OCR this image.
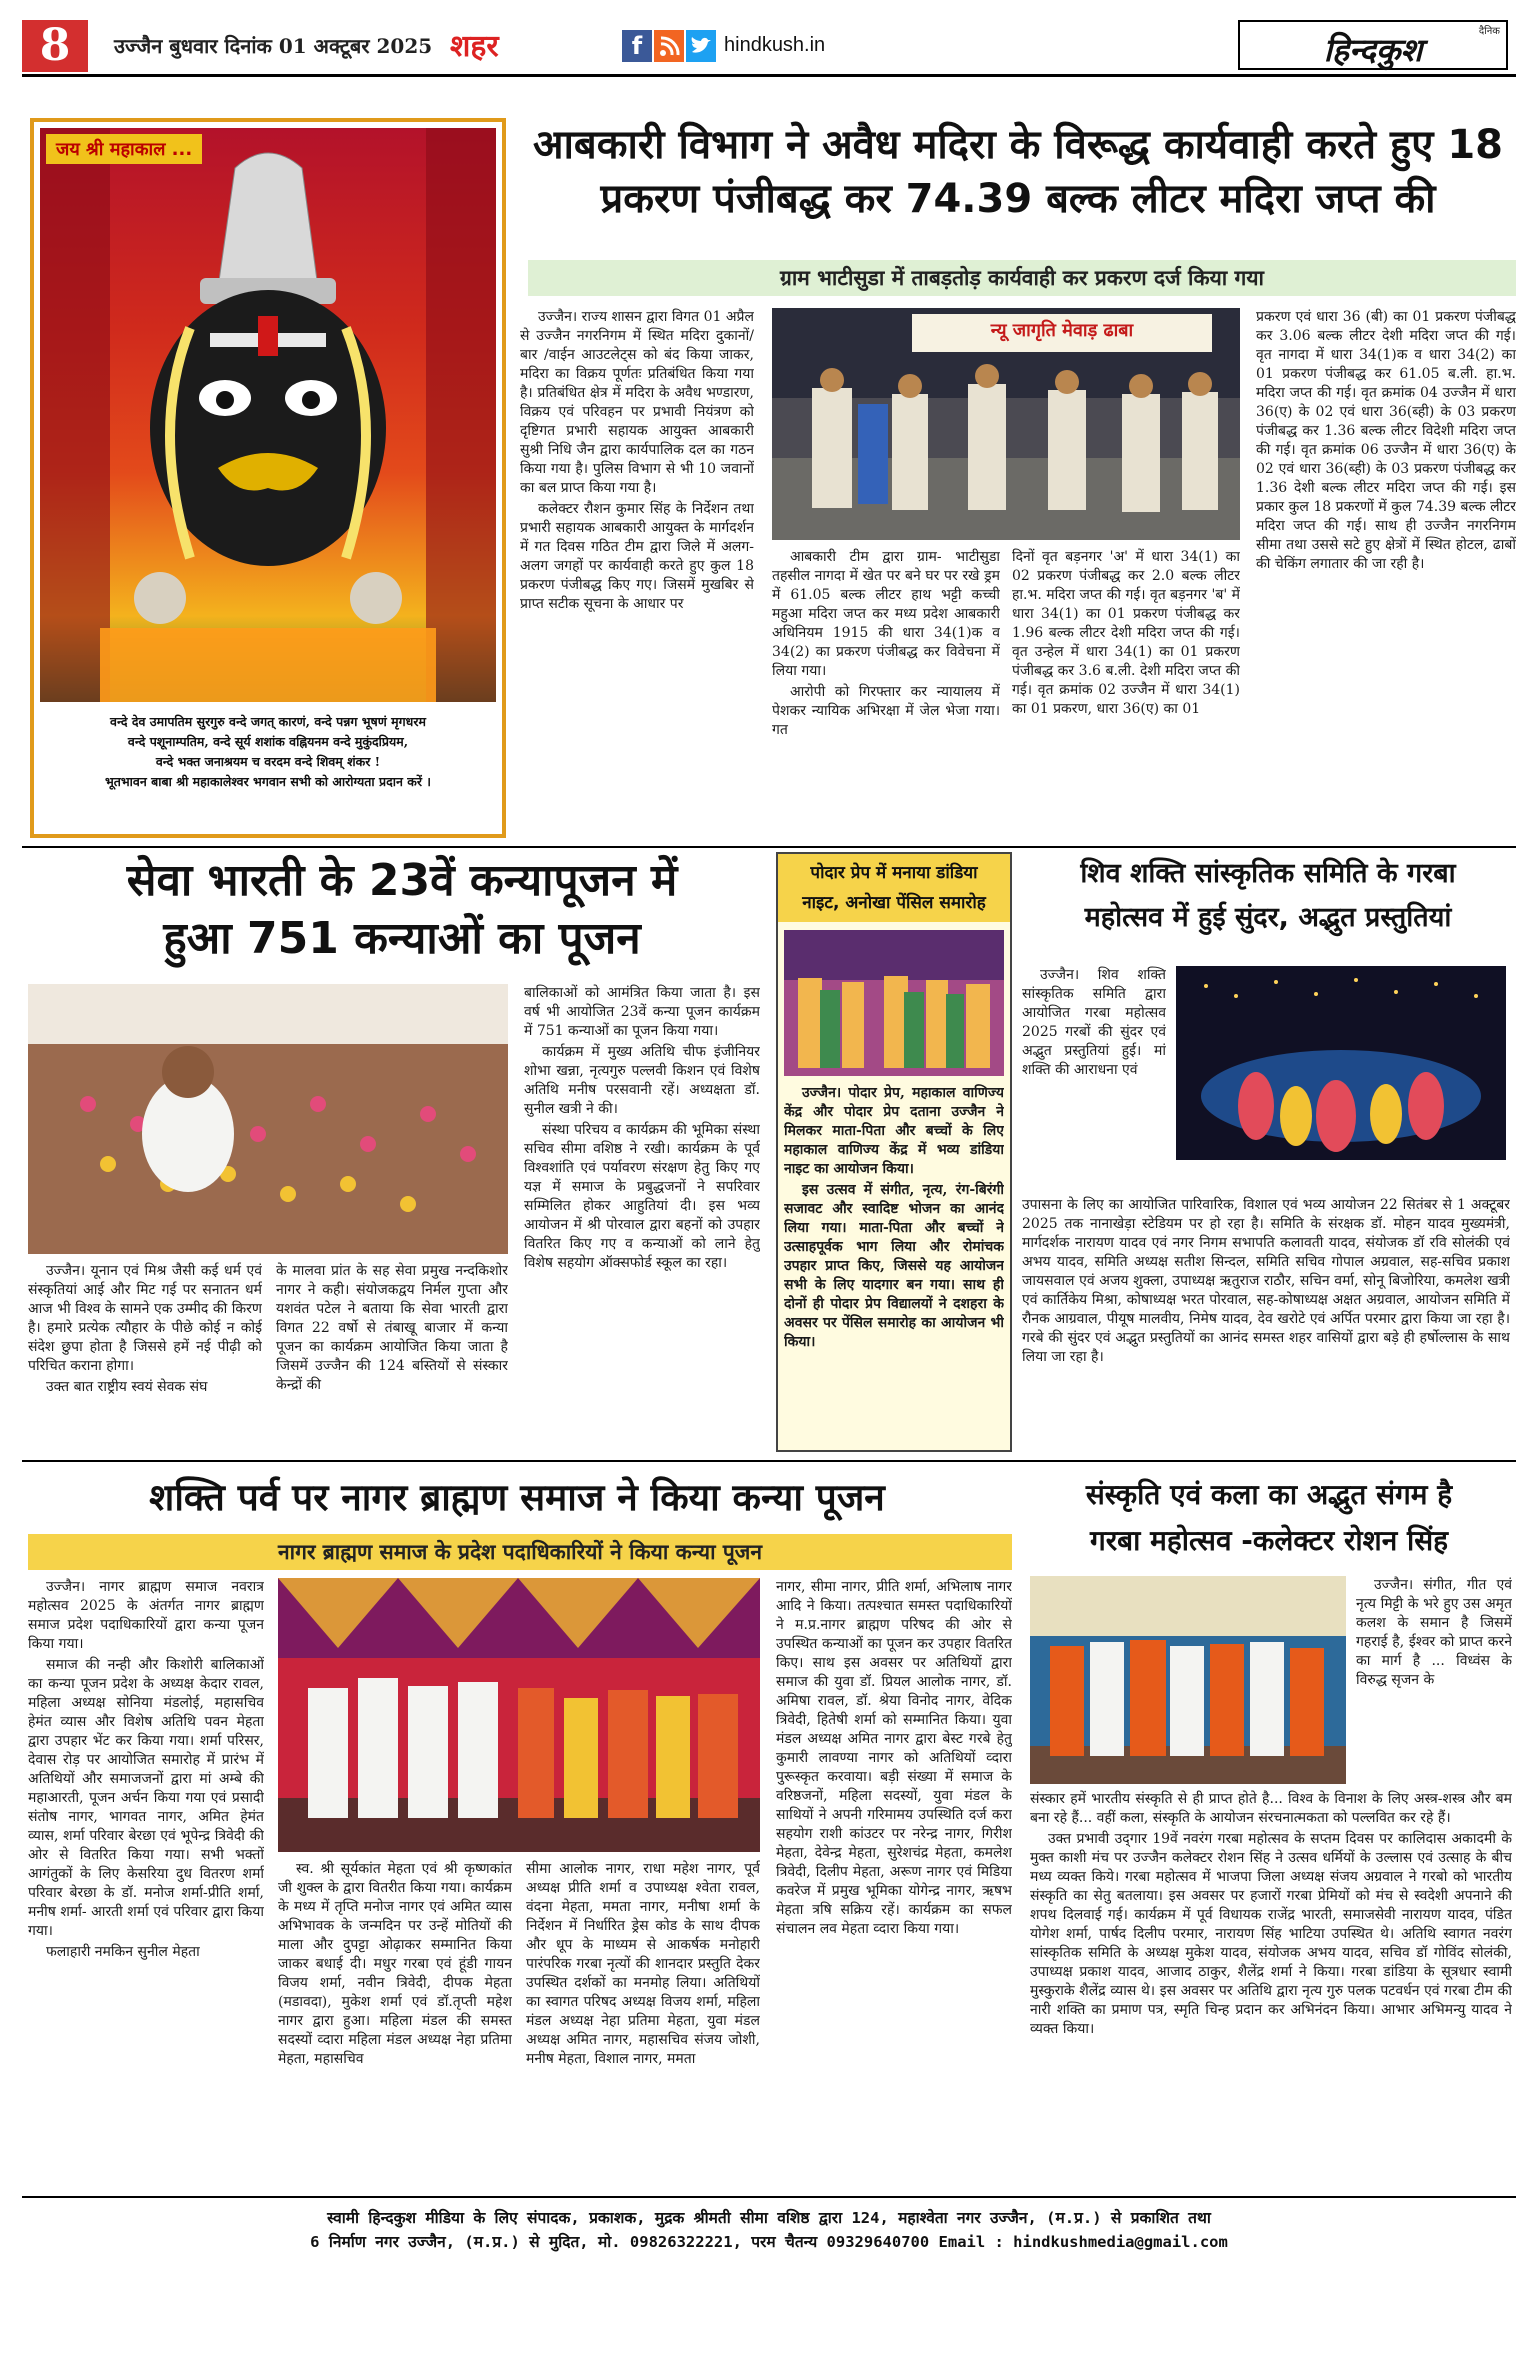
8	उज्जैन बुधवार दिनांक 01 अक्टूबर 2025 शहर	f	hindkush.in
दैनिक
हिन्दकुश
जय श्री महाकाल ...
वन्दे देव उमापतिम सुरगुरु वन्दे जगत् कारणं, वन्दे पन्नग भूषणं मृगधरम
वन्दे पशूनाम्पतिम, वन्दे सूर्य शशांक वह्नियनम वन्दे मुकुंदप्रियम,
वन्दे भक्त जनाश्रयम च वरदम वन्दे शिवम् शंकर !
भूतभावन बाबा श्री महाकालेश्वर भगवान सभी को आरोग्यता प्रदान करें ।
आबकारी विभाग ने अवैध मदिरा के विरूद्ध कार्यवाही करते हुए 18
प्रकरण पंजीबद्ध कर 74.39 बल्क लीटर मदिरा जप्त की
ग्राम भाटीसुडा में ताबड़तोड़ कार्यवाही कर प्रकरण दर्ज किया गया

उज्जैन। राज्य शासन द्वारा विगत 01 अप्रैल से उज्जैन नगरनिगम में स्थित मदिरा दुकानों/बार /वाईन आउटलेट्स को बंद किया जाकर, मदिरा का विक्रय पूर्णतः प्रतिबंधित किया गया है। प्रतिबंधित क्षेत्र में मदिरा के अवैध भण्डारण, विक्रय एवं परिवहन पर प्रभावी नियंत्रण को दृष्टिगत प्रभारी सहायक आयुक्त आबकारी सुश्री निधि जैन द्वारा कार्यपालिक दल का गठन किया गया है। पुलिस विभाग से भी 10 जवानों का बल प्राप्त किया गया है।

कलेक्टर रौशन कुमार सिंह के निर्देशन तथा प्रभारी सहायक आबकारी आयुक्त के मार्गदर्शन में गत दिवस गठित टीम द्वारा जिले में अलग-अलग जगहों पर कार्यवाही करते हुए कुल 18 प्रकरण पंजीबद्ध किए गए। जिसमें मुखबिर से प्राप्त सटीक सूचना के आधार पर

न्यू जागृति मेवाड़ ढाबा

आबकारी टीम द्वारा ग्राम- भाटीसुडा तहसील नागदा में खेत पर बने घर पर रखे ड्रम में 61.05 बल्क लीटर हाथ भट्टी कच्ची महुआ मदिरा जप्त कर मध्य प्रदेश आबकारी अधिनियम 1915 की धारा 34(1)क व 34(2) का प्रकरण पंजीबद्ध कर विवेचना में लिया गया।

आरोपी को गिरफ्तार कर न्यायालय में पेशकर न्यायिक अभिरक्षा में जेल भेजा गया। गत

दिनों वृत बड़नगर 'अ' में धारा 34(1) का 02 प्रकरण पंजीबद्ध कर 2.0 बल्क लीटर हा.भ. मदिरा जप्त की गई। वृत बड़नगर 'ब' में धारा 34(1) का 01 प्रकरण पंजीबद्ध कर 1.96 बल्क लीटर देशी मदिरा जप्त की गई। वृत उन्हेल में धारा 34(1) का 01 प्रकरण पंजीबद्ध कर 3.6 ब.ली. देशी मदिरा जप्त की गई। वृत क्रमांक 02 उज्जैन में धारा 34(1) का 01 प्रकरण, धारा 36(ए) का 01

प्रकरण एवं धारा 36 (बी) का 01 प्रकरण पंजीबद्ध कर 3.06 बल्क लीटर देशी मदिरा जप्त की गई। वृत नागदा में धारा 34(1)क व धारा 34(2) का 01 प्रकरण पंजीबद्ध कर 61.05 ब.ली. हा.भ. मदिरा जप्त की गई। वृत क्रमांक 04 उज्जैन में धारा 36(ए) के 02 एवं धारा 36(ब्ही) के 03 प्रकरण पंजीबद्ध कर 1.36 बल्क लीटर विदेशी मदिरा जप्त की गई। वृत क्रमांक 06 उज्जैन में धारा 36(ए) के 02 एवं धारा 36(ब्ही) के 03 प्रकरण पंजीबद्ध कर 1.36 देशी बल्क लीटर मदिरा जप्त की गई। इस प्रकार कुल 18 प्रकरणों में कुल 74.39 बल्क लीटर मदिरा जप्त की गई। साथ ही उज्जैन नगरनिगम सीमा तथा उससे सटे हुए क्षेत्रों में स्थित होटल, ढाबों की चेकिंग लगातार की जा रही है।

सेवा भारती के 23वें कन्यापूजन में
हुआ 751 कन्याओं का पूजन

उज्जैन। यूनान एवं मिश्र जैसी कई धर्म एवं संस्कृतियां आई और मिट गई पर सनातन धर्म आज भी विश्व के सामने एक उम्मीद की किरण है। हमारे प्रत्येक त्यौहार के पीछे कोई न कोई संदेश छुपा होता है जिससे हमें नई पीढ़ी को परिचित कराना होगा।

उक्त बात राष्ट्रीय स्वयं सेवक संघ

के मालवा प्रांत के सह सेवा प्रमुख नन्दकिशोर नागर ने कही। संयोजकद्वय निर्मल गुप्ता और यशवंत पटेल ने बताया कि सेवा भारती द्वारा विगत 22 वर्षो से तंबाखू बाजार में कन्या पूजन का कार्यक्रम आयोजित किया जाता है जिसमें उज्जैन की 124 बस्तियों से संस्कार केन्द्रों की

बालिकाओं को आमंत्रित किया जाता है। इस वर्ष भी आयोजित 23वें कन्या पूजन कार्यक्रम में 751 कन्याओं का पूजन किया गया।

कार्यक्रम में मुख्य अतिथि चीफ इंजीनियर शोभा खन्ना, नृत्यगुरु पल्लवी किशन एवं विशेष अतिथि मनीष परसवानी रहें। अध्यक्षता डॉ. सुनील खत्री ने की।

संस्था परिचय व कार्यक्रम की भूमिका संस्था सचिव सीमा वशिष्ठ ने रखी। कार्यक्रम के पूर्व विश्वशांति एवं पर्यावरण संरक्षण हेतु किए गए यज्ञ में समाज के प्रबुद्धजनों ने सपरिवार सम्मिलित होकर आहुतियां दी। इस भव्य आयोजन में श्री पोरवाल द्वारा बहनों को उपहार वितरित किए गए व कन्याओं को लाने हेतु विशेष सहयोग ऑक्सफोर्ड स्कूल का रहा।

पोदार प्रेप में मनाया डांडिया
नाइट, अनोखा पेंसिल समारोह

उज्जैन। पोदार प्रेप, महाकाल वाणिज्य केंद्र और पोदार प्रेप दताना उज्जैन ने मिलकर माता-पिता और बच्चों के लिए महाकाल वाणिज्य केंद्र में भव्य डांडिया नाइट का आयोजन किया।

इस उत्सव में संगीत, नृत्य, रंग-बिरंगी सजावट और स्वादिष्ट भोजन का आनंद लिया गया। माता-पिता और बच्चों ने उत्साहपूर्वक भाग लिया और रोमांचक उपहार प्राप्त किए, जिससे यह आयोजन सभी के लिए यादगार बन गया। साथ ही दोनों ही पोदार प्रेप विद्यालयों ने दशहरा के अवसर पर पेंसिल समारोह का आयोजन भी किया।

शिव शक्ति सांस्कृतिक समिति के गरबा
महोत्सव में हुई सुंदर, अद्भुत प्रस्तुतियां

उज्जैन। शिव शक्ति सांस्कृतिक समिति द्वारा आयोजित गरबा महोत्सव 2025 गरबों की सुंदर एवं अद्भुत प्रस्तुतियां हुई। मां शक्ति की आराधना एवं

उपासना के लिए का आयोजित पारिवारिक, विशाल एवं भव्य आयोजन 22 सितंबर से 1 अक्टूबर 2025 तक नानाखेड़ा स्टेडियम पर हो रहा है। समिति के संरक्षक डॉ. मोहन यादव मुख्यमंत्री, मार्गदर्शक नारायण यादव एवं नगर निगम सभापति कलावती यादव, संयोजक डॉ रवि सोलंकी एवं अभय यादव, समिति अध्यक्ष सतीश सिन्दल, समिति सचिव गोपाल अग्रवाल, सह-सचिव प्रकाश जायसवाल एवं अजय शुक्ला, उपाध्यक्ष ऋतुराज राठौर, सचिन वर्मा, सोनू बिजोरिया, कमलेश खत्री एवं कार्तिकेय मिश्रा, कोषाध्यक्ष भरत पोरवाल, सह-कोषाध्यक्ष अक्षत अग्रवाल, आयोजन समिति में रौनक आग्रवाल, पीयूष मालवीय, निमेष यादव, देव खरोटे एवं अर्पित परमार द्वारा किया जा रहा है। गरबे की सुंदर एवं अद्भुत प्रस्तुतियों का आनंद समस्त शहर वासियों द्वारा बड़े ही हर्षोल्लास के साथ लिया जा रहा है।

शक्ति पर्व पर नागर ब्राह्मण समाज ने किया कन्या पूजन
नागर ब्राह्मण समाज के प्रदेश पदाधिकारियों ने किया कन्या पूजन

उज्जैन। नागर ब्राह्मण समाज नवरात्र महोत्सव 2025 के अंतर्गत नागर ब्राह्मण समाज प्रदेश पदाधिकारियों द्वारा कन्या पूजन किया गया।

समाज की नन्ही और किशोरी बालिकाओं का कन्या पूजन प्रदेश के अध्यक्ष केदार रावल, महिला अध्यक्ष सोनिया मंडलोई, महासचिव हेमंत व्यास और विशेष अतिथि पवन मेहता द्वारा उपहार भेंट कर किया गया। शर्मा परिसर, देवास रोड़ पर आयोजित समारोह में प्रारंभ में अतिथियों और समाजजनों द्वारा मां अम्बे की महाआरती, पूजन अर्चन किया गया एवं प्रसादी संतोष नागर, भागवत नागर, अमित हेमंत व्यास, शर्मा परिवार बेरछा एवं भूपेन्द्र त्रिवेदी की ओर से वितरित किया गया। सभी भक्तों आगंतुकों के लिए केसरिया दुध वितरण शर्मा परिवार बेरछा के डॉ. मनोज शर्मा-प्रीति शर्मा, मनीष शर्मा- आरती शर्मा एवं परिवार द्वारा किया गया।

फलाहारी नमकिन सुनील मेहता

स्व. श्री सूर्यकांत मेहता एवं श्री कृष्णकांत जी शुक्ल के द्वारा वितरीत किया गया। कार्यक्रम के मध्य में तृप्ति मनोज नागर एवं अमित व्यास अभिभावक के जन्मदिन पर उन्हें मोतियों की माला और दुपट्टा ओढ़ाकर सम्मानित किया जाकर बधाई दी। मधुर गरबा एवं हूंडी गायन विजय शर्मा, नवीन त्रिवेदी, दीपक मेहता (मडावदा), मुकेश शर्मा एवं डॉ.तृप्ती महेश नागर द्वारा हुआ। महिला मंडल की समस्त सदस्यों व्दारा महिला मंडल अध्यक्ष नेहा प्रतिमा मेहता, महासचिव

सीमा आलोक नागर, राधा महेश नागर, पूर्व अध्यक्ष प्रीति शर्मा व उपाध्यक्ष श्वेता रावल, वंदना मेहता, ममता नागर, मनीषा शर्मा के निर्देशन में निर्धारित ड्रेस कोड के साथ दीपक और धूप के माध्यम से आकर्षक मनोहारी पारंपरिक गरबा नृत्यों की शानदार प्रस्तुति देकर उपस्थित दर्शकों का मनमोह लिया। अतिथियों का स्वागत परिषद अध्यक्ष विजय शर्मा, महिला मंडल अध्यक्ष नेहा प्रतिमा मेहता, युवा मंडल अध्यक्ष अमित नागर, महासचिव संजय जोशी, मनीष मेहता, विशाल नागर, ममता

नागर, सीमा नागर, प्रीति शर्मा, अभिलाष नागर आदि ने किया। तत्पश्चात समस्त पदाधिकारियों ने म.प्र.नागर ब्राह्मण परिषद की ओर से उपस्थित कन्याओं का पूजन कर उपहार वितरित किए। साथ इस अवसर पर अतिथियों द्वारा समाज की युवा डॉ. प्रियल आलोक नागर, डॉ. अमिषा रावल, डॉ. श्रेया विनोद नागर, वेदिक त्रिवेदी, हितेषी शर्मा को सम्मानित किया। युवा मंडल अध्यक्ष अमित नागर द्वारा बेस्ट गरबे हेतु कुमारी लावण्या नागर को अतिथियों व्दारा पुरूस्कृत करवाया। बड़ी संख्या में समाज के वरिष्ठजनों, महिला सदस्यों, युवा मंडल के साथियों ने अपनी गरिमामय उपस्थिति दर्ज करा सहयोग राशी कांउटर पर नरेन्द्र नागर, गिरीश मेहता, देवेन्द्र मेहता, सुरेशचंद्र मेहता, कमलेश त्रिवेदी, दिलीप मेहता, अरूण नागर एवं मिडिया कवरेज में प्रमुख भूमिका योगेन्द्र नागर, ऋषभ मेहता त्रषि सक्रिय रहें। कार्यक्रम का सफल संचालन लव मेहता व्दारा किया गया।

संस्कृति एवं कला का अद्भुत संगम है
गरबा महोत्सव -कलेक्टर रोशन सिंह

उज्जैन। संगीत, गीत एवं नृत्य मिट्टी के भरे हुए उस अमृत कलश के समान है जिसमें गहराई है, ईश्वर को प्राप्त करने का मार्ग है ... विध्वंस के विरुद्ध सृजन के

संस्कार हमें भारतीय संस्कृति से ही प्राप्त होते है... विश्व के विनाश के लिए अस्त्र-शस्त्र और बम बना रहे हैं... वहीं कला, संस्कृति के आयोजन संरचनात्मकता को पल्लवित कर रहे हैं।

उक्त प्रभावी उद्‌गार 19वें नवरंग गरबा महोत्सव के सप्तम दिवस पर कालिदास अकादमी के मुक्त काशी मंच पर उज्जैन कलेक्टर रोशन सिंह ने उत्सव धर्मियों के उल्लास एवं उत्साह के बीच मध्य व्यक्त किये। गरबा महोत्सव में भाजपा जिला अध्यक्ष संजय अग्रवाल ने गरबो को भारतीय संस्कृति का सेतु बतलाया। इस अवसर पर हजारों गरबा प्रेमियों को मंच से स्वदेशी अपनाने की शपथ दिलवाई गई। कार्यक्रम में पूर्व विधायक राजेंद्र भारती, समाजसेवी नारायण यादव, पंडित योगेश शर्मा, पार्षद दिलीप परमार, नारायण सिंह भाटिया उपस्थित थे। अतिथि स्वागत नवरंग सांस्कृतिक समिति के अध्यक्ष मुकेश यादव, संयोजक अभय यादव, सचिव डॉ गोविंद सोलंकी, उपाध्यक्ष प्रकाश यादव, आजाद ठाकुर, शैलेंद्र शर्मा ने किया। गरबा डांडिया के सूत्रधार स्वामी मुस्कुराके शैलेंद्र व्यास थे। इस अवसर पर अतिथि द्वारा नृत्य गुरु पलक पटवर्धन एवं गरबा टीम की नारी शक्ति का प्रमाण पत्र, स्मृति चिन्ह प्रदान कर अभिनंदन किया। आभार अभिमन्यु यादव ने व्यक्त किया।

स्वामी हिन्दकुश मीडिया के लिए संपादक, प्रकाशक, मुद्रक श्रीमती सीमा वशिष्ठ द्वारा 124, महाश्वेता नगर उज्जैन, (म.प्र.) से प्रकाशित तथा
6 निर्माण नगर उज्जैन, (म.प्र.) से मुदित, मो. 09826322221, परम चैतन्य 09329640700 Email : hindkushmedia@gmail.com
